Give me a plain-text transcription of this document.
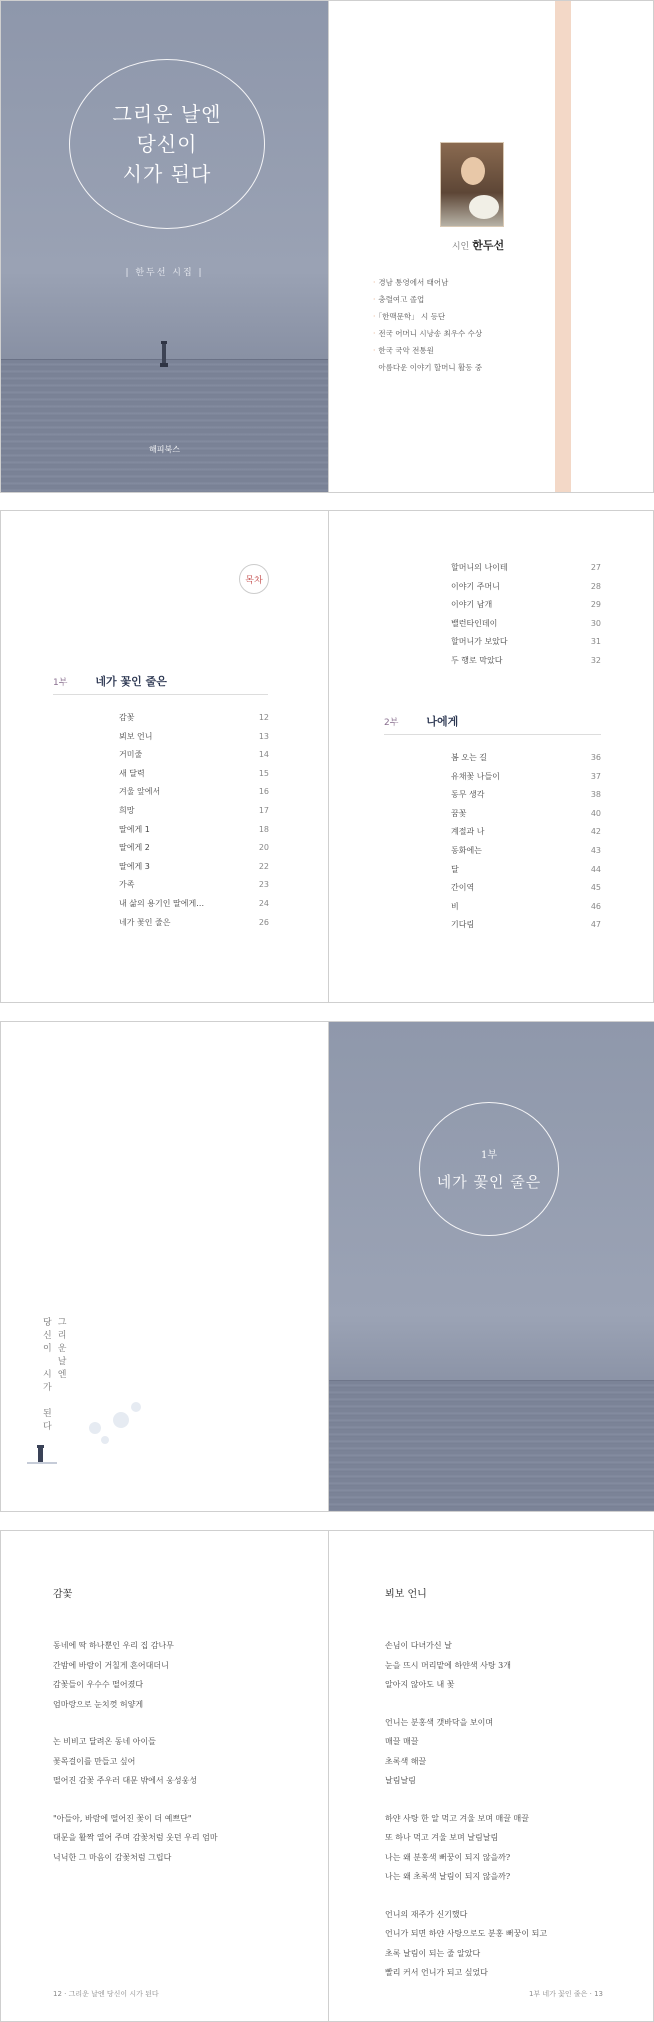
그리운 날엔
당신이
시가 된다
| 한두선 시집 |
해피북스
시인 한두선
· 경남 통영에서 태어남
· 충렬여고 졸업
· 「한맥문학」 시 등단
· 전국 어머니 시낭송 최우수 수상
· 한국 국악 전통원
아름다운 이야기 할머니 활동 중
목차
1부	네가 꽃인 줄은
감꽃	12
뵈보 언니	13
거미줄	14
새 달력	15
겨울 앞에서	16
희망	17
딸에게 1	18
딸에게 2	20
딸에게 3	22
가족	23
내 삶의 용기인 딸에게…	24
네가 꽃인 줄은	26
할머니의 나이테	27
이야기 주머니	28
이야기 남개	29
밸런타인데이	30
할머니가 보았다	31
두 행로 막았다	32
2부	나에게
봄 오는 길	36
유채꽃 나들이	37
동무 생각	38
꿈꽃	40
계절과 나	42
동화에는	43
달	44
간이역	45
비	46
기다림	47
그
리
운
날
엔
당
신
이
시
가
된
다
1부
네가 꽃인 줄은
감꽃
동네에 딱 하나뿐인 우리 집 감나무
간밤에 바람이 거칠게 흔어대더니
감꽃들이 우수수 떨어졌다
엄마랑으로 눈치껏 허얗게
논 비비고 달려온 동네 아이들
꽃목걸이를 만들고 싶어
떨어진 감꽃 주우러 대문 밖에서 웅성웅성
"아들아, 바람에 떨어진 꽃이 더 예쁘단"
대문을 활짝 열어 주며 감꽃처럼 웃던 우리 엄마
닉닉한 그 마음이 감꽃처럼 그립다
12 · 그리운 날엔 당신이 시가 된다
뵈보 언니
손님이 다녀가신 날
눈을 뜨시 머리맡에 하얀색 사탕 3개
알아지 않아도 내 꽃
언니는 분홍색 갯바닥을 보이며
매끌 매끌
초록색 해끌
날림날림
하얀 사탕 한 알 먹고 겨울 보며 매끌 매끌
또 하나 먹고 겨울 보며 날림날림
나는 왜 분홍색 뻐꿍이 되지 않을까?
나는 왜 초록색 날림이 되지 않을까?
언니의 재주가 신기했다
언니가 되면 하얀 사탕으로도 분홍 뻐꿍이 되고
초록 날림이 되는 줄 알았다
빨리 커서 언니가 되고 싶었다
1부 네가 꽃인 줄은 · 13
